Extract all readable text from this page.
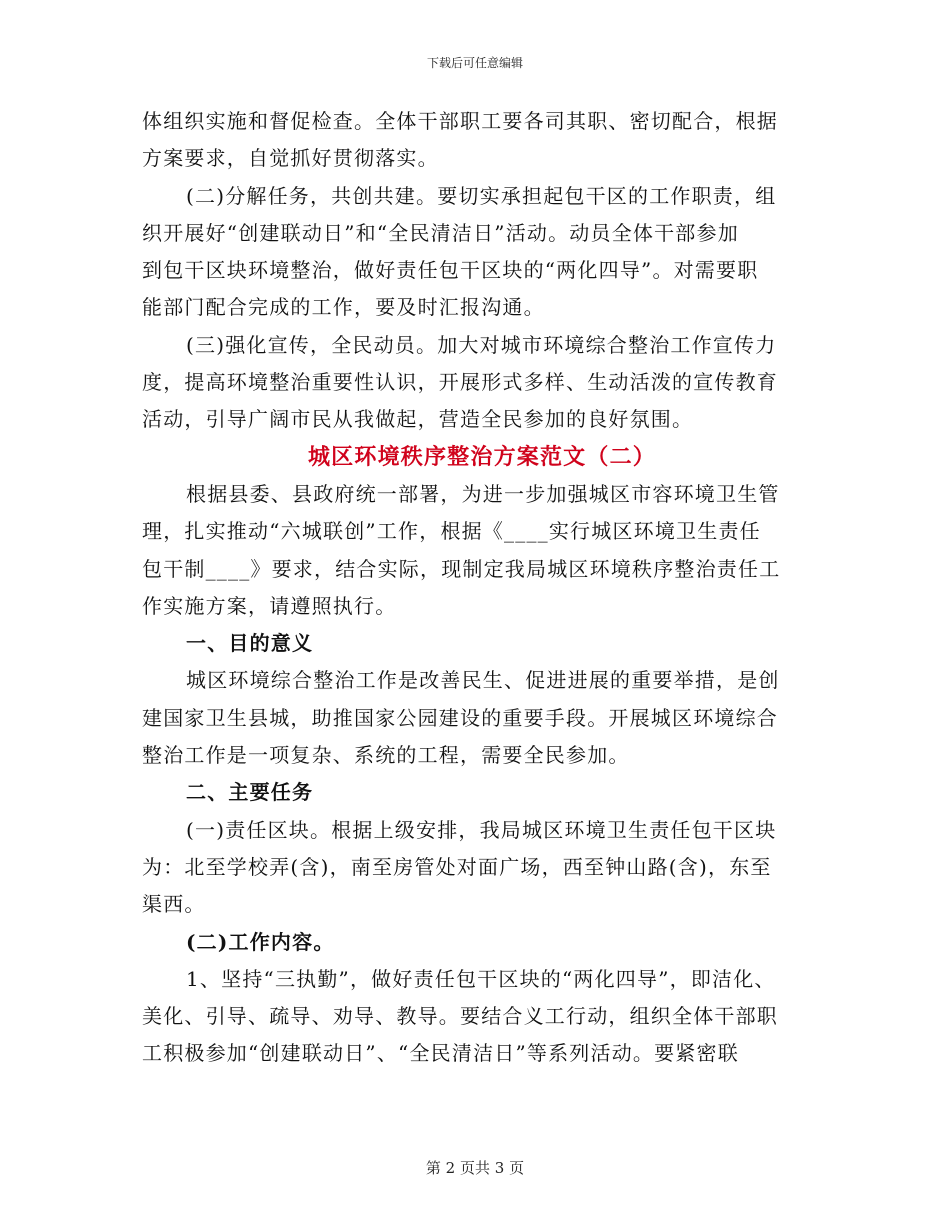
下载后可任意编辑
体组织实施和督促检查。全体干部职工要各司其职、密切配合，根据
方案要求，自觉抓好贯彻落实。
(二)分解任务，共创共建。要切实承担起包干区的工作职责，组
织开展好“创建联动日”和“全民清洁日”活动。动员全体干部参加
到包干区块环境整治，做好责任包干区块的“两化四导”。对需要职
能部门配合完成的工作，要及时汇报沟通。
(三)强化宣传，全民动员。加大对城市环境综合整治工作宣传力
度，提高环境整治重要性认识，开展形式多样、生动活泼的宣传教育
活动，引导广阔市民从我做起，营造全民参加的良好氛围。
城区环境秩序整治方案范文（二）
根据县委、县政府统一部署，为进一步加强城区市容环境卫生管
理，扎实推动“六城联创”工作，根据《____实行城区环境卫生责任
包干制____》要求，结合实际，现制定我局城区环境秩序整治责任工
作实施方案，请遵照执行。
一、目的意义
城区环境综合整治工作是改善民生、促进进展的重要举措，是创
建国家卫生县城，助推国家公园建设的重要手段。开展城区环境综合
整治工作是一项复杂、系统的工程，需要全民参加。
二、主要任务
(一)责任区块。根据上级安排，我局城区环境卫生责任包干区块
为：北至学校弄(含)，南至房管处对面广场，西至钟山路(含)，东至
渠西。
(二)工作内容。
1、坚持“三执勤”，做好责任包干区块的“两化四导”，即洁化、
美化、引导、疏导、劝导、教导。要结合义工行动，组织全体干部职
工积极参加“创建联动日”、“全民清洁日”等系列活动。要紧密联
第 2 页共 3 页
